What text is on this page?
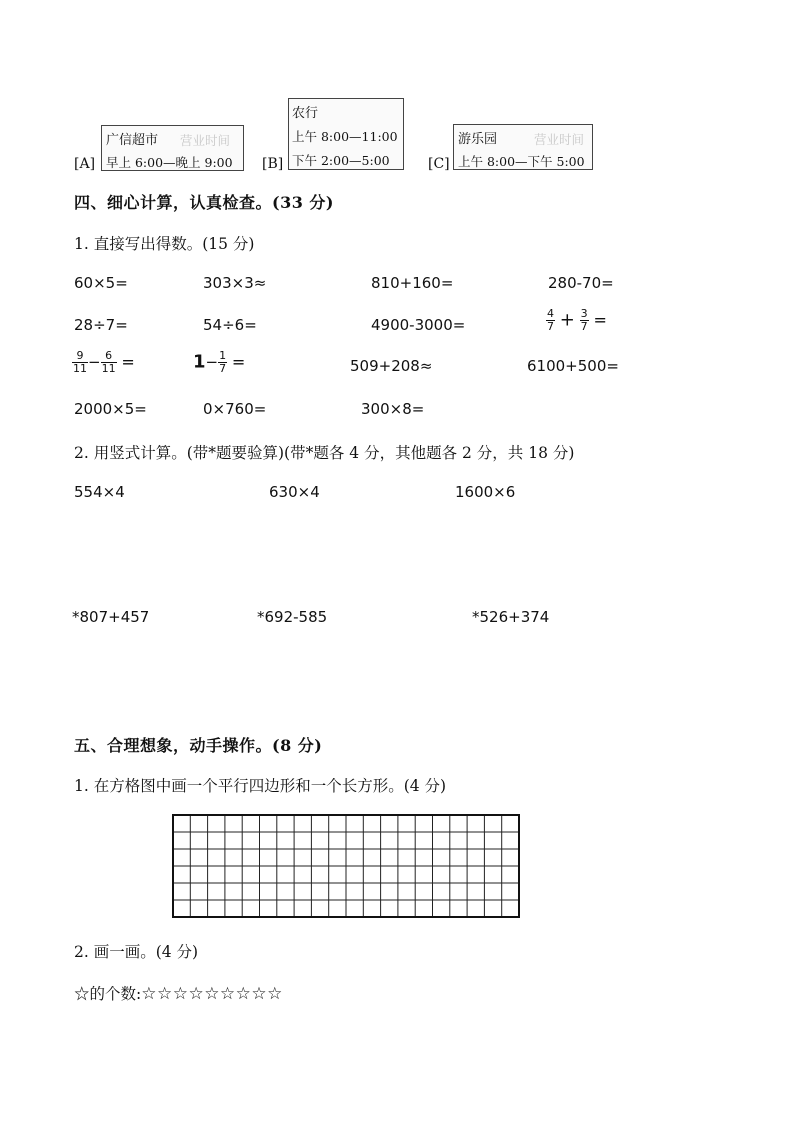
[A]
广信超市 营业时间
早上 6:00—晚上 9:00 [B]
农行
上午 8:00—11:00
下午 2:00—5:00	[C]
游乐园	营业时间
上午 8:00—下午 5:00
四、细心计算，认真检查。(33 分)
1. 直接写出得数。(15 分)
60×5=	303×3≈	810+160=	280-70=
28÷7=	54÷6=	4900-3000=	$\frac{4}{7} + \frac{3}{7}$ =
$\frac{9}{11} - \frac{6}{11}$ =	$1- \frac{1}{7}$ =	509+208≈	6100+500=
2000×5=	0×760=	300×8=
2. 用竖式计算。(带*题要验算)(带*题各 4 分，其他题各 2 分，共 18 分)
554×4	630×4	1600×6
*807+457	*692-585	*526+374
五、合理想象，动手操作。(8 分)
1. 在方格图中画一个平行四边形和一个长方形。(4 分)
2. 画一画。(4 分)
☆的个数:☆☆☆☆☆☆☆☆☆
